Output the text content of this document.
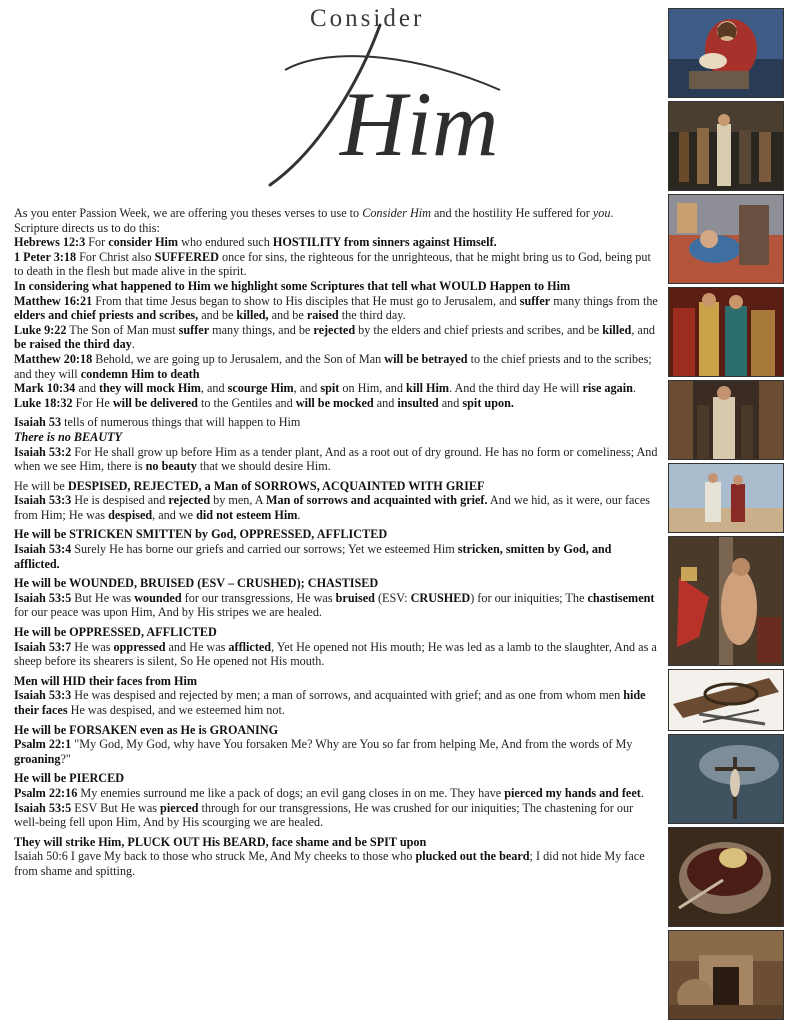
Consider
Him

As you enter Passion Week, we are offering you theses verses to use to Consider Him and the hostility He suffered for you. Scripture directs us to do this:

Hebrews 12:3 For consider Him who endured such HOSTILITY from sinners against Himself.

1 Peter 3:18 For Christ also SUFFERED once for sins, the righteous for the unrighteous, that he might bring us to God, being put to death in the flesh but made alive in the spirit.

In considering what happened to Him we highlight some Scriptures that tell what WOULD Happen to Him

Matthew 16:21 From that time Jesus began to show to His disciples that He must go to Jerusalem, and suffer many things from the elders and chief priests and scribes, and be killed, and be raised the third day.

Luke 9:22 The Son of Man must suffer many things, and be rejected by the elders and chief priests and scribes, and be killed, and be raised the third day.

Matthew 20:18 Behold, we are going up to Jerusalem, and the Son of Man will be betrayed to the chief priests and to the scribes; and they will condemn Him to death

Mark 10:34 and they will mock Him, and scourge Him, and spit on Him, and kill Him. And the third day He will rise again.

Luke 18:32 For He will be delivered to the Gentiles and will be mocked and insulted and spit upon.

Isaiah 53 tells of numerous things that will happen to Him

There is no BEAUTY

Isaiah 53:2 For He shall grow up before Him as a tender plant, And as a root out of dry ground. He has no form or comeliness; And when we see Him, there is no beauty that we should desire Him.

He will be DESPISED, REJECTED, a Man of SORROWS, ACQUAINTED WITH GRIEF

Isaiah 53:3 He is despised and rejected by men, A Man of sorrows and acquainted with grief. And we hid, as it were, our faces from Him; He was despised, and we did not esteem Him.

He will be STRICKEN SMITTEN by God, OPPRESSED, AFFLICTED

Isaiah 53:4 Surely He has borne our griefs and carried our sorrows; Yet we esteemed Him stricken, smitten by God, and afflicted.

He will be WOUNDED, BRUISED (ESV – CRUSHED); CHASTISED

Isaiah 53:5 But He was wounded for our transgressions, He was bruised (ESV: CRUSHED) for our iniquities; The chastisement for our peace was upon Him, And by His stripes we are healed.

He will be OPPRESSED, AFFLICTED

Isaiah 53:7 He was oppressed and He was afflicted, Yet He opened not His mouth; He was led as a lamb to the slaughter, And as a sheep before its shearers is silent, So He opened not His mouth.

Men will HID their faces from Him

Isaiah 53:3 He was despised and rejected by men; a man of sorrows, and acquainted with grief; and as one from whom men hide their faces He was despised, and we esteemed him not.

He will be FORSAKEN even as He is GROANING

Psalm 22:1 "My God, My God, why have You forsaken Me? Why are You so far from helping Me, And from the words of My groaning?"

He will be PIERCED

Psalm 22:16 My enemies surround me like a pack of dogs; an evil gang closes in on me. They have pierced my hands and feet.

Isaiah 53:5 ESV But He was pierced through for our transgressions, He was crushed for our iniquities; The chastening for our well-being fell upon Him, And by His scourging we are healed.

They will strike Him, PLUCK OUT His BEARD, face shame and be SPIT upon

Isaiah 50:6 I gave My back to those who struck Me, And My cheeks to those who plucked out the beard; I did not hide My face from shame and spitting.
